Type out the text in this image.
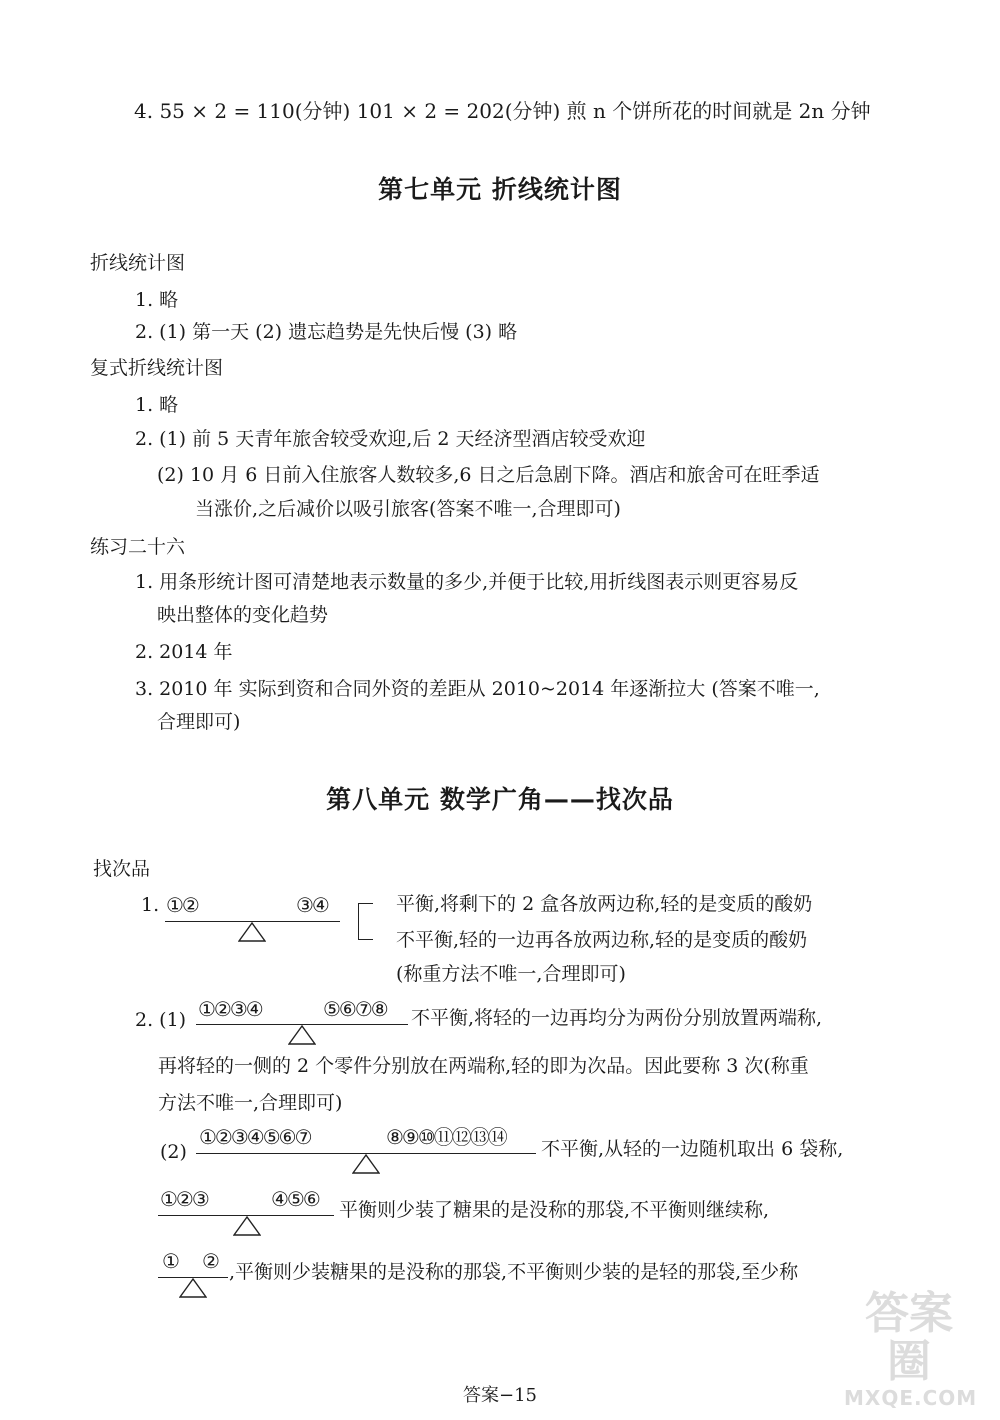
4. 55 × 2 = 110(分钟) 101 × 2 = 202(分钟) 煎 n 个饼所花的时间就是 2n 分钟
第七单元 折线统计图
折线统计图
1. 略
2. (1) 第一天 (2) 遗忘趋势是先快后慢 (3) 略
复式折线统计图
1. 略
2. (1) 前 5 天青年旅舍较受欢迎,后 2 天经济型酒店较受欢迎
(2) 10 月 6 日前入住旅客人数较多,6 日之后急剧下降。酒店和旅舍可在旺季适
当涨价,之后减价以吸引旅客(答案不唯一,合理即可)
练习二十六
1. 用条形统计图可清楚地表示数量的多少,并便于比较,用折线图表示则更容易反
映出整体的变化趋势
2. 2014 年
3. 2010 年 实际到资和合同外资的差距从 2010~2014 年逐渐拉大 (答案不唯一,
合理即可)
第八单元 数学广角——找次品
找次品
1. ①②	③④	平衡,将剩下的 2 盒各放两边称,轻的是变质的酸奶
不平衡,轻的一边再各放两边称,轻的是变质的酸奶
(称重方法不唯一,合理即可)
2. (1) ①②③④	⑤⑥⑦⑧ 不平衡,将轻的一边再均分为两份分别放置两端称,
再将轻的一侧的 2 个零件分别放在两端称,轻的即为次品。因此要称 3 次(称重
方法不唯一,合理即可)
(2)
①②③④⑤⑥⑦	⑧⑨⑩⑪⑫⑬⑭ 不平衡,从轻的一边随机取出 6 袋称,
①②③	④⑤⑥ 平衡则少装了糖果的是没称的那袋,不平衡则继续称,
① ② ,平衡则少装糖果的是没称的那袋,不平衡则少装的是轻的那袋,至少称
答案−15
答案圈
MXQE.COM
